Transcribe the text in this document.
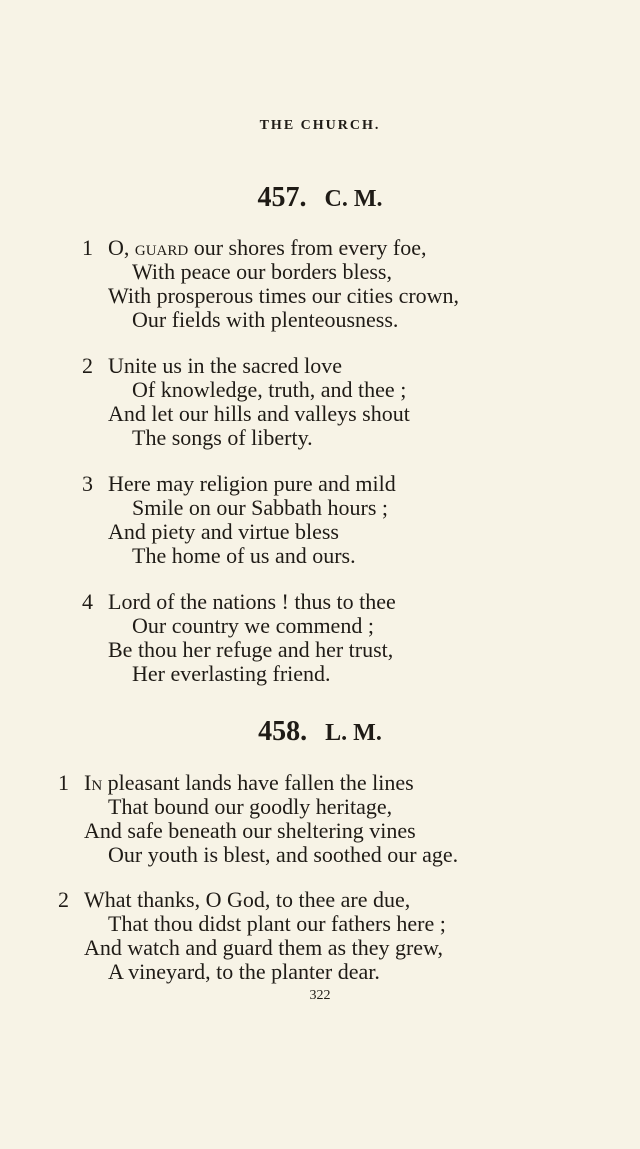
THE CHURCH.
457. C. M.
1 O, guard our shores from every foe,
With peace our borders bless,
With prosperous times our cities crown,
Our fields with plenteousness.
2 Unite us in the sacred love
Of knowledge, truth, and thee ;
And let our hills and valleys shout
The songs of liberty.
3 Here may religion pure and mild
Smile on our Sabbath hours ;
And piety and virtue bless
The home of us and ours.
4 Lord of the nations ! thus to thee
Our country we commend ;
Be thou her refuge and her trust,
Her everlasting friend.
458. L. M.
1 In pleasant lands have fallen the lines
That bound our goodly heritage,
And safe beneath our sheltering vines
Our youth is blest, and soothed our age.
2 What thanks, O God, to thee are due,
That thou didst plant our fathers here ;
And watch and guard them as they grew,
A vineyard, to the planter dear.
322
